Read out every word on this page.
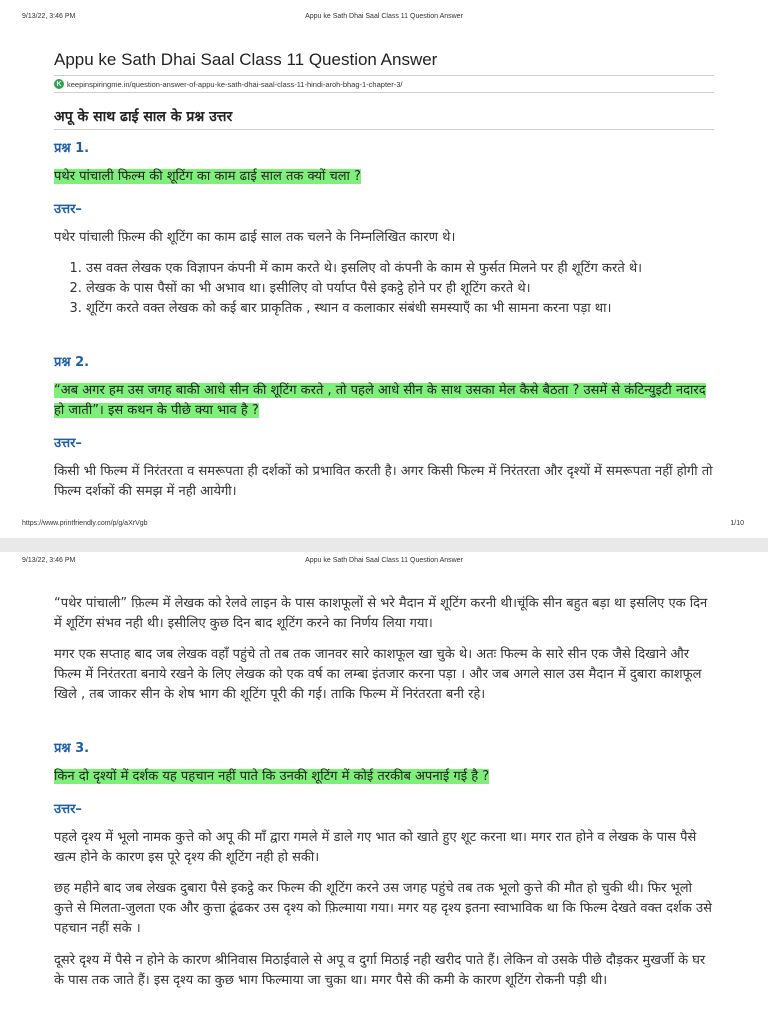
9/13/22, 3:46 PM	Appu ke Sath Dhai Saal Class 11 Question Answer
Appu ke Sath Dhai Saal Class 11 Question Answer
K keepinspiringme.in/question-answer-of-appu-ke-sath-dhai-saal-class-11-hindi-aroh-bhag-1-chapter-3/
अपू के साथ ढाई साल के प्रश्न उत्तर
प्रश्न 1.
पथेर पांचाली फिल्म की शूटिंग का काम ढाई साल तक क्यों चला ?
उत्तर–
पथेर पांचाली फ़िल्म की शूटिंग का काम ढाई साल तक चलने के निम्नलिखित कारण थे।
1. उस वक्त लेखक एक विज्ञापन कंपनी में काम करते थे। इसलिए वो कंपनी के काम से फुर्सत मिलने पर ही शूटिंग करते थे।
2. लेखक के पास पैसों का भी अभाव था। इसीलिए वो पर्याप्त पैसे इकट्ठे होने पर ही शूटिंग करते थे।
3. शूटिंग करते वक्त लेखक को कई बार प्राकृतिक , स्थान व कलाकार संबंधी समस्याएँ का भी सामना करना पड़ा था।
प्रश्न 2.
“अब अगर हम उस जगह बाकी आधे सीन की शूटिंग करते , तो पहले आधे सीन के साथ उसका मेल कैसे बैठता ? उसमें से कंटिन्युइटी नदारद हो जाती”। इस कथन के पीछे क्या भाव है ?
उत्तर–
किसी भी फिल्म में निरंतरता व समरूपता ही दर्शकों को प्रभावित करती है। अगर किसी फिल्म में निरंतरता और दृश्यों में समरूपता नहीं होगी तो फिल्म दर्शकों की समझ में नही आयेगी।
https://www.printfriendly.com/p/g/aXrVgb	1/10
9/13/22, 3:46 PM	Appu ke Sath Dhai Saal Class 11 Question Answer
“पथेर पांचाली” फ़िल्म में लेखक को रेलवे लाइन के पास काशफूलों से भरे मैदान में शूटिंग करनी थी।चूंकि सीन बहुत बड़ा था इसलिए एक दिन में शूटिंग संभव नही थी। इसीलिए कुछ दिन बाद शूटिंग करने का निर्णय लिया गया।
मगर एक सप्ताह बाद जब लेखक वहाँ पहुंचे तो तब तक जानवर सारे काशफूल खा चुके थे। अतः फिल्म के सारे सीन एक जैसे दिखाने और फिल्म में निरंतरता बनाये रखने के लिए लेखक को एक वर्ष का लम्बा इंतजार करना पड़ा । और जब अगले साल उस मैदान में दुबारा काशफूल खिले , तब जाकर सीन के शेष भाग की शूटिंग पूरी की गई। ताकि फिल्म में निरंतरता बनी रहे।
प्रश्न 3.
किन दो दृश्यों में दर्शक यह पहचान नहीं पाते कि उनकी शूटिंग में कोई तरकीब अपनाई गई है ?
उत्तर–
पहले दृश्य में भूलो नामक कुत्ते को अपू की माँ द्वारा गमले में डाले गए भात को खाते हुए शूट करना था। मगर रात होने व लेखक के पास पैसे खत्म होने के कारण इस पूरे दृश्य की शूटिंग नही हो सकी।
छह महीने बाद जब लेखक दुबारा पैसे इकट्ठे कर फिल्म की शूटिंग करने उस जगह पहुंचे तब तक भूलो कुत्ते की मौत हो चुकी थी। फिर भूलो कुत्ते से मिलता-जुलता एक और कुत्ता ढूंढकर उस दृश्य को फ़िल्माया गया। मगर यह दृश्य इतना स्वाभाविक था कि फिल्म देखते वक्त दर्शक उसे पहचान नहीं सके ।
दूसरे दृश्य में पैसे न होने के कारण श्रीनिवास मिठाईवाले से अपू व दुर्गा मिठाई नही खरीद पाते हैं। लेकिन वो उसके पीछे दौड़कर मुखर्जी के घर के पास तक जाते हैं। इस दृश्य का कुछ भाग फिल्माया जा चुका था। मगर पैसे की कमी के कारण शूटिंग रोकनी पड़ी थी।
